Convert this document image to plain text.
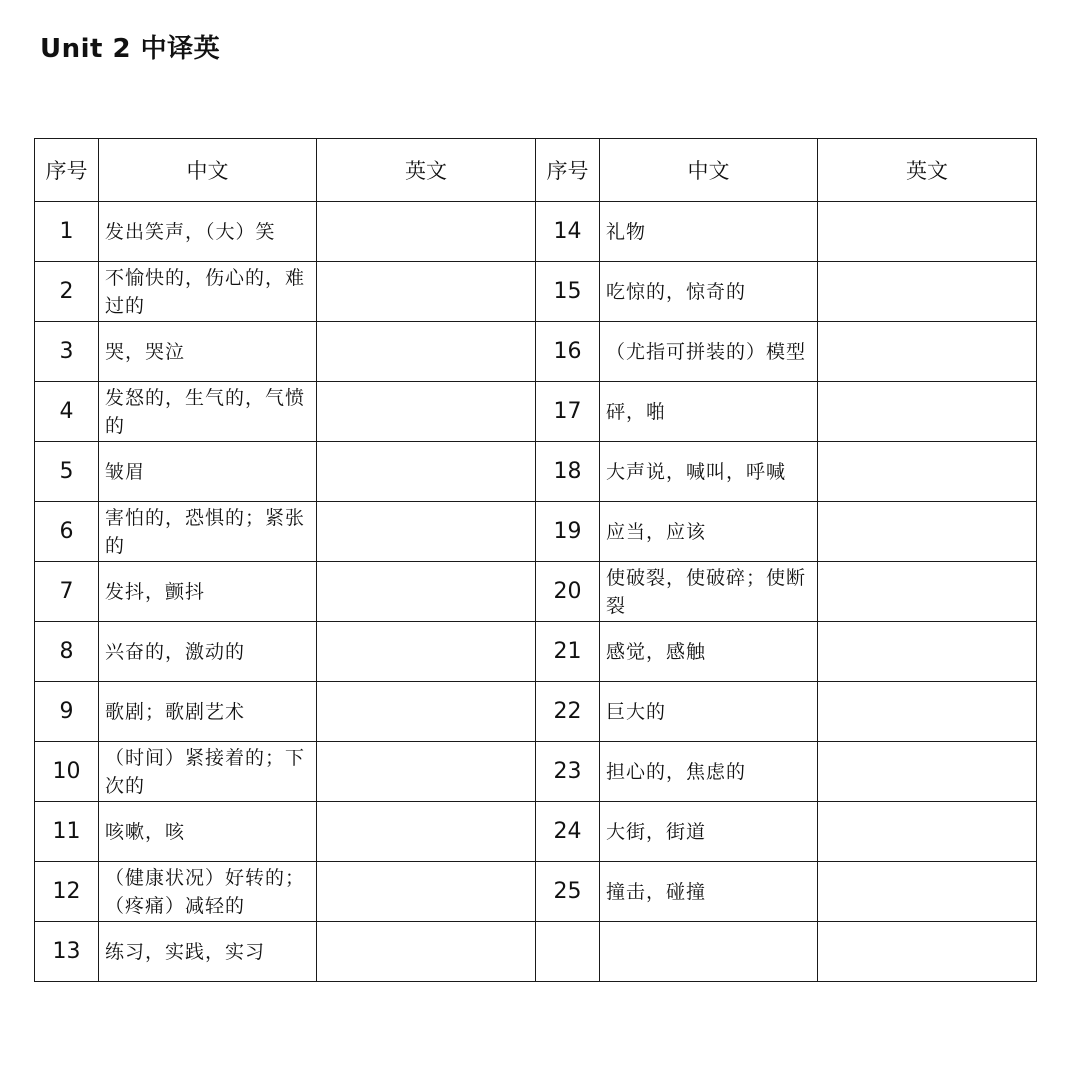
Unit 2 中译英
序号	中文	英文	序号	中文	英文
1	发出笑声，（大）笑		14	礼物	
2	不愉快的，伤心的，难过的		15	吃惊的，惊奇的	
3	哭，哭泣		16	（尤指可拼装的）模型	
4	发怒的，生气的，气愤的		17	砰，啪	
5	皱眉		18	大声说，喊叫，呼喊	
6	害怕的，恐惧的；紧张的		19	应当，应该	
7	发抖，颤抖		20	使破裂，使破碎；使断裂	
8	兴奋的，激动的		21	感觉，感触	
9	歌剧；歌剧艺术		22	巨大的	
10	（时间）紧接着的；下次的		23	担心的，焦虑的	
11	咳嗽，咳		24	大街，街道	
12	（健康状况）好转的；（疼痛）减轻的		25	撞击，碰撞	
13	练习，实践，实习				
